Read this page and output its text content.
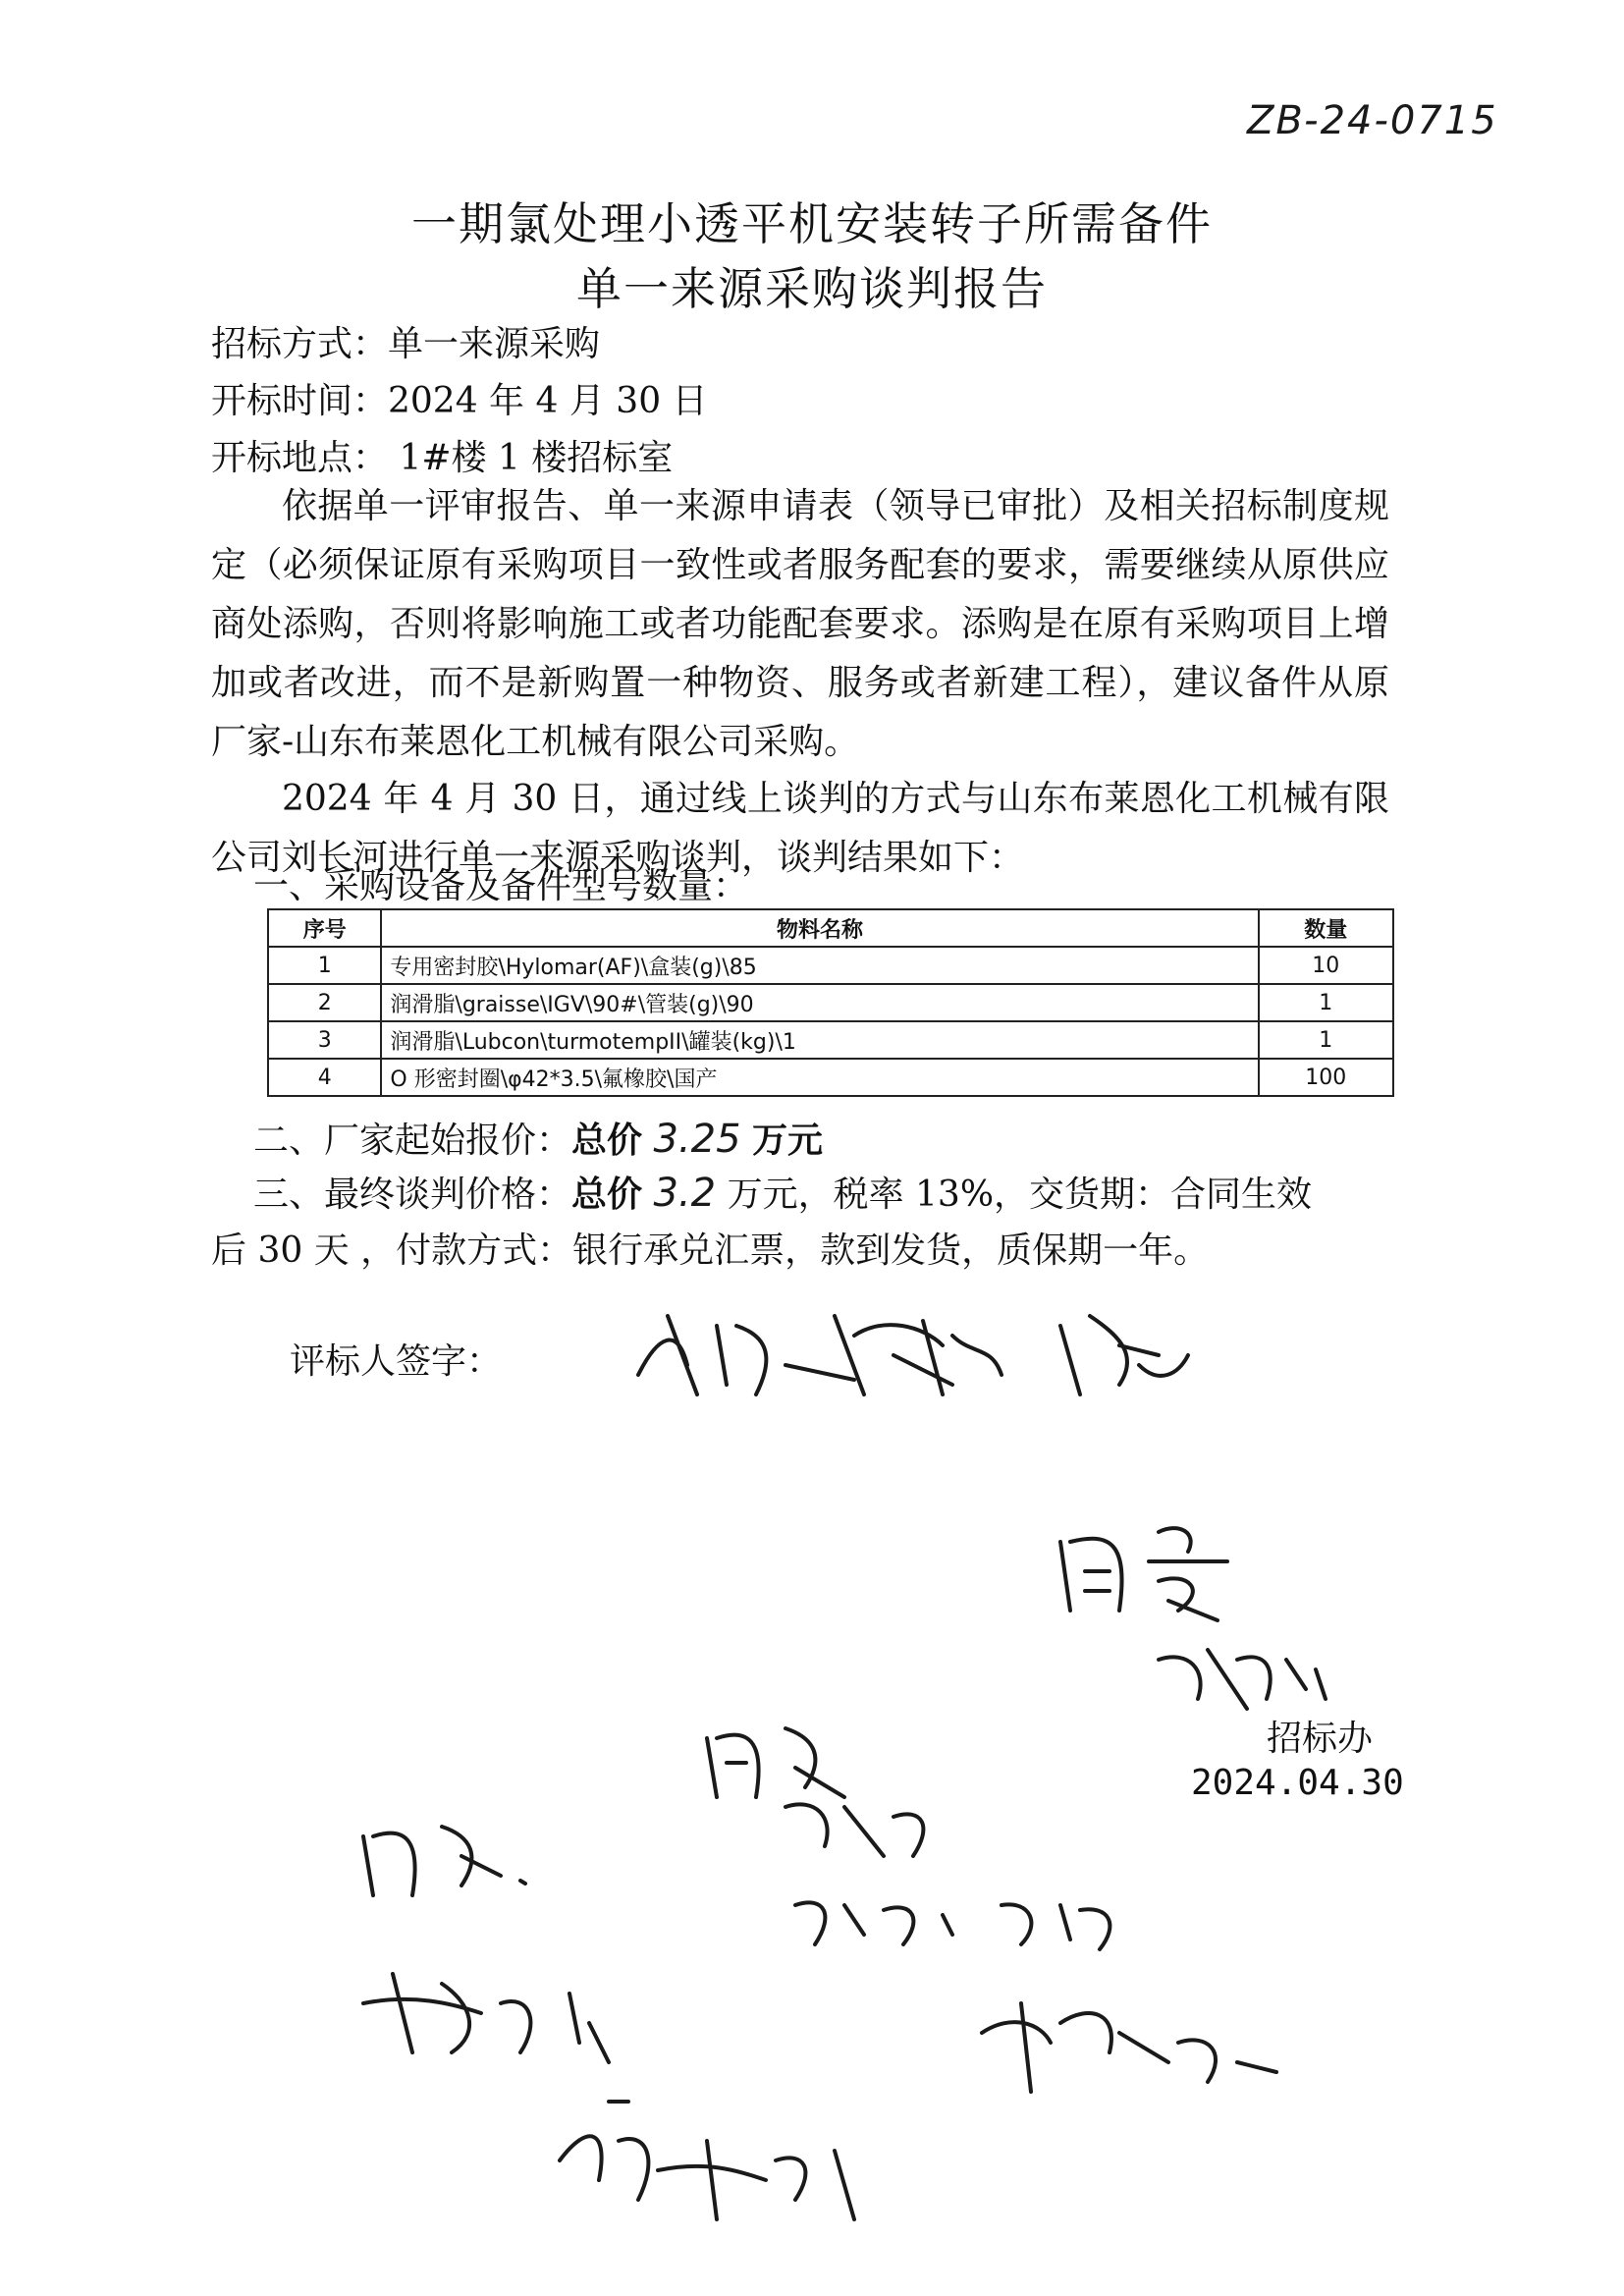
ZB-24-0715
一期氯处理小透平机安装转子所需备件
单一来源采购谈判报告
招标方式：单一来源采购
开标时间：2024 年 4 月 30 日
开标地点： 1#楼 1 楼招标室
依据单一评审报告、单一来源申请表（领导已审批）及相关招标制度规定（必须保证原有采购项目一致性或者服务配套的要求，需要继续从原供应商处添购，否则将影响施工或者功能配套要求。添购是在原有采购项目上增加或者改进，而不是新购置一种物资、服务或者新建工程），建议备件从原厂家-山东布莱恩化工机械有限公司采购。
2024 年 4 月 30 日，通过线上谈判的方式与山东布莱恩化工机械有限公司刘长河进行单一来源采购谈判，谈判结果如下：
一、采购设备及备件型号数量：
序号	物料名称	数量
1	专用密封胶\Hylomar(AF)\盒装(g)\85	10
2	润滑脂\graisse\IGV\90#\管装(g)\90	1
3	润滑脂\Lubcon\turmotempII\罐装(kg)\1	1
4	O 形密封圈\φ42*3.5\氟橡胶\国产	100
二、厂家起始报价：总价 3.25 万元
三、最终谈判价格：总价 3.2 万元，税率 13%，交货期：合同生效
后 30 天 ，付款方式：银行承兑汇票，款到发货，质保期一年。
评标人签字：
招标办
2024.04.30
